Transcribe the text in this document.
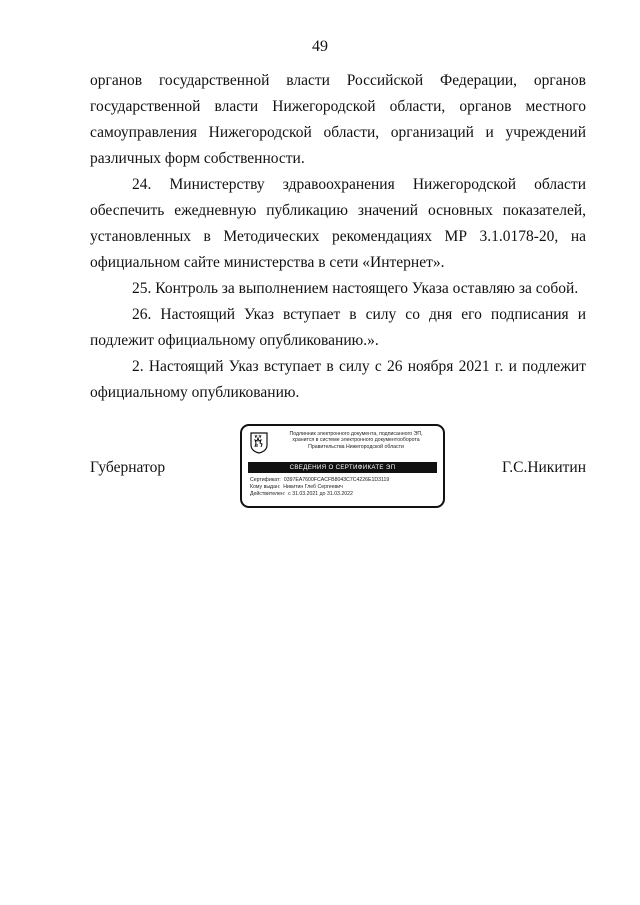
49

органов государственной власти Российской Федерации, органов государственной власти Нижегородской области, органов местного самоуправления Нижегородской области, организаций и учреждений различных форм собственности.

24. Министерству здравоохранения Нижегородской области обеспечить ежедневную публикацию значений основных показателей, установленных в Методических рекомендациях МР 3.1.0178-20, на официальном сайте министерства в сети «Интернет».

25. Контроль за выполнением настоящего Указа оставляю за собой.

26. Настоящий Указ вступает в силу со дня его подписания и подлежит официальному опубликованию.».

2. Настоящий Указ вступает в силу с 26 ноября 2021 г. и подлежит официальному опубликованию.

Губернатор
Подлинник электронного документа, подписанного ЭП,
хранится в системе электронного документооборота
Правительства Нижегородской области
СВЕДЕНИЯ О СЕРТИФИКАТЕ ЭП
Сертификат: 0397EA7600FCACFB8043C7C4226E1D3119
Кому выдан: Никитин Глеб Сергеевич
Действителен: с 31.03.2021 до 31.03.2022
Г.С.Никитин
